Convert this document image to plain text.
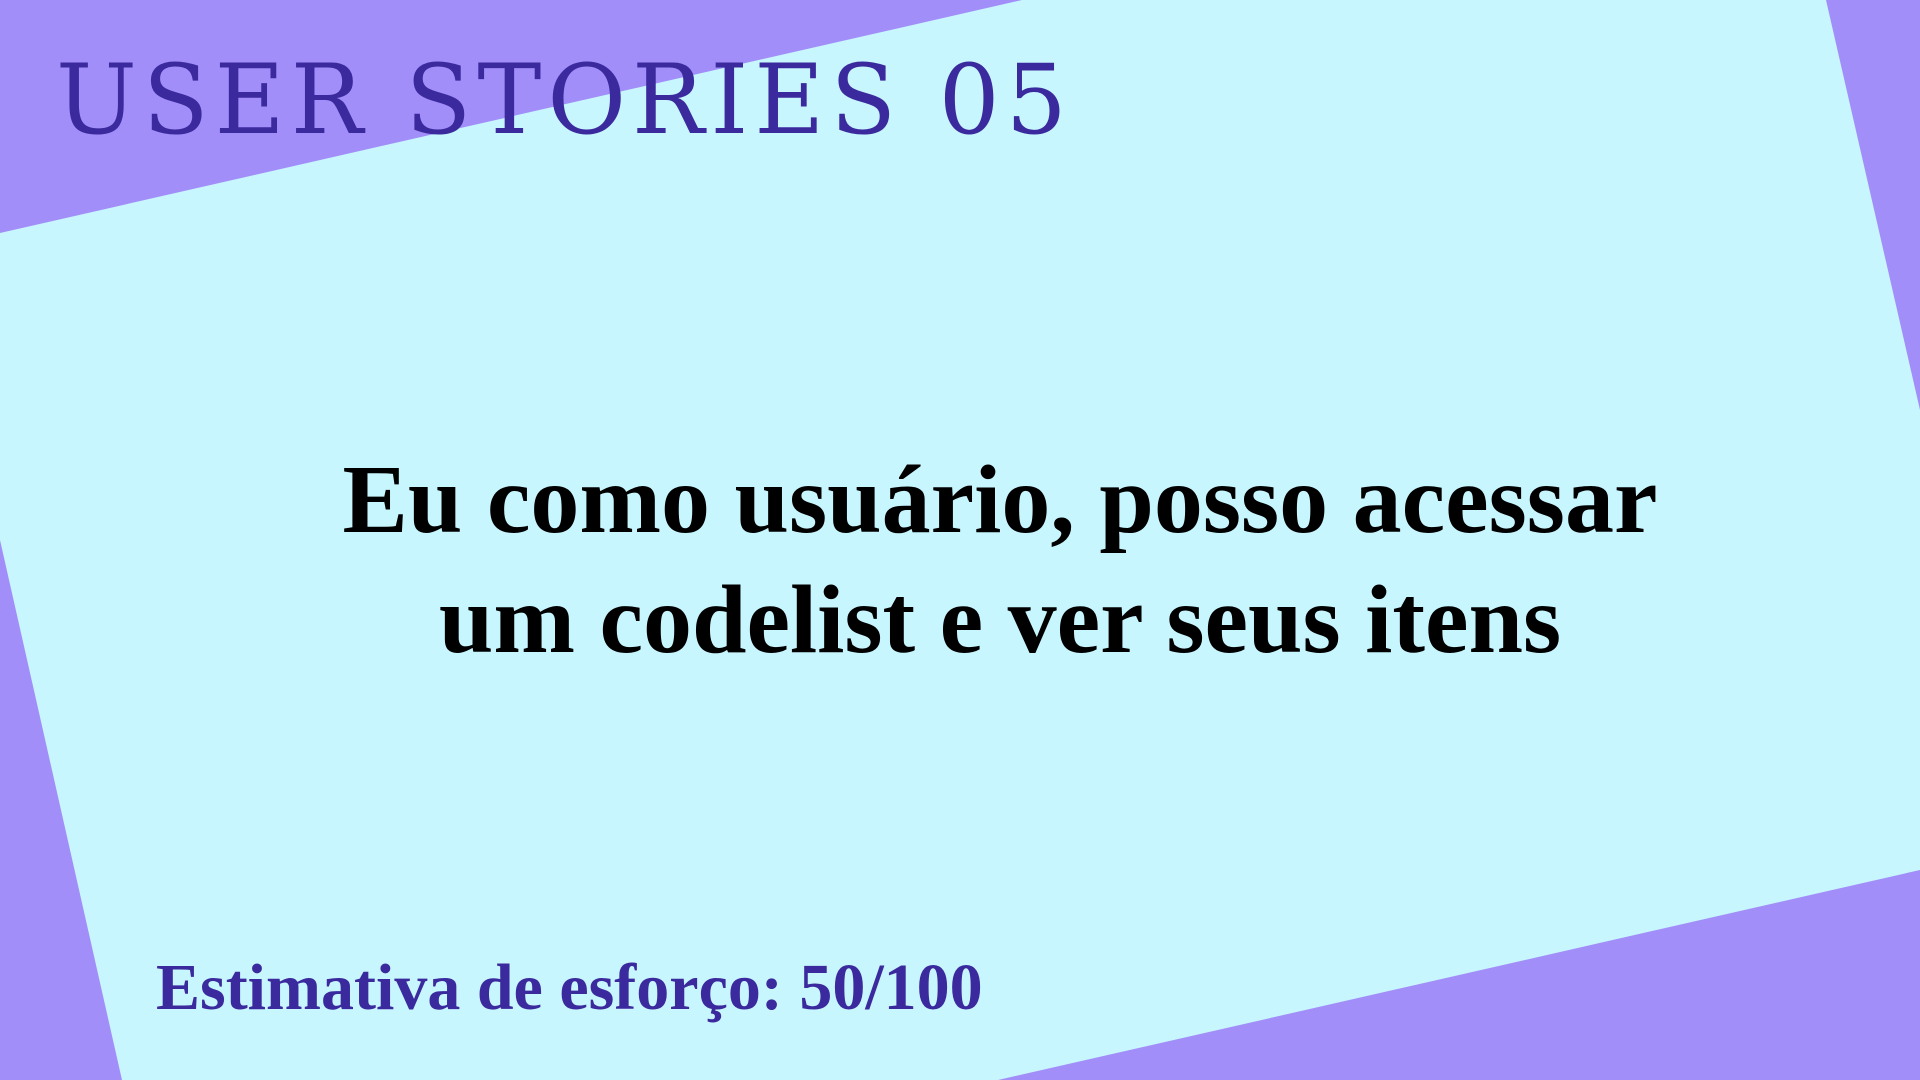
USER STORIES 05

Eu como usuário, posso acessar
um codelist e ver seus itens

Estimativa de esforço: 50/100
